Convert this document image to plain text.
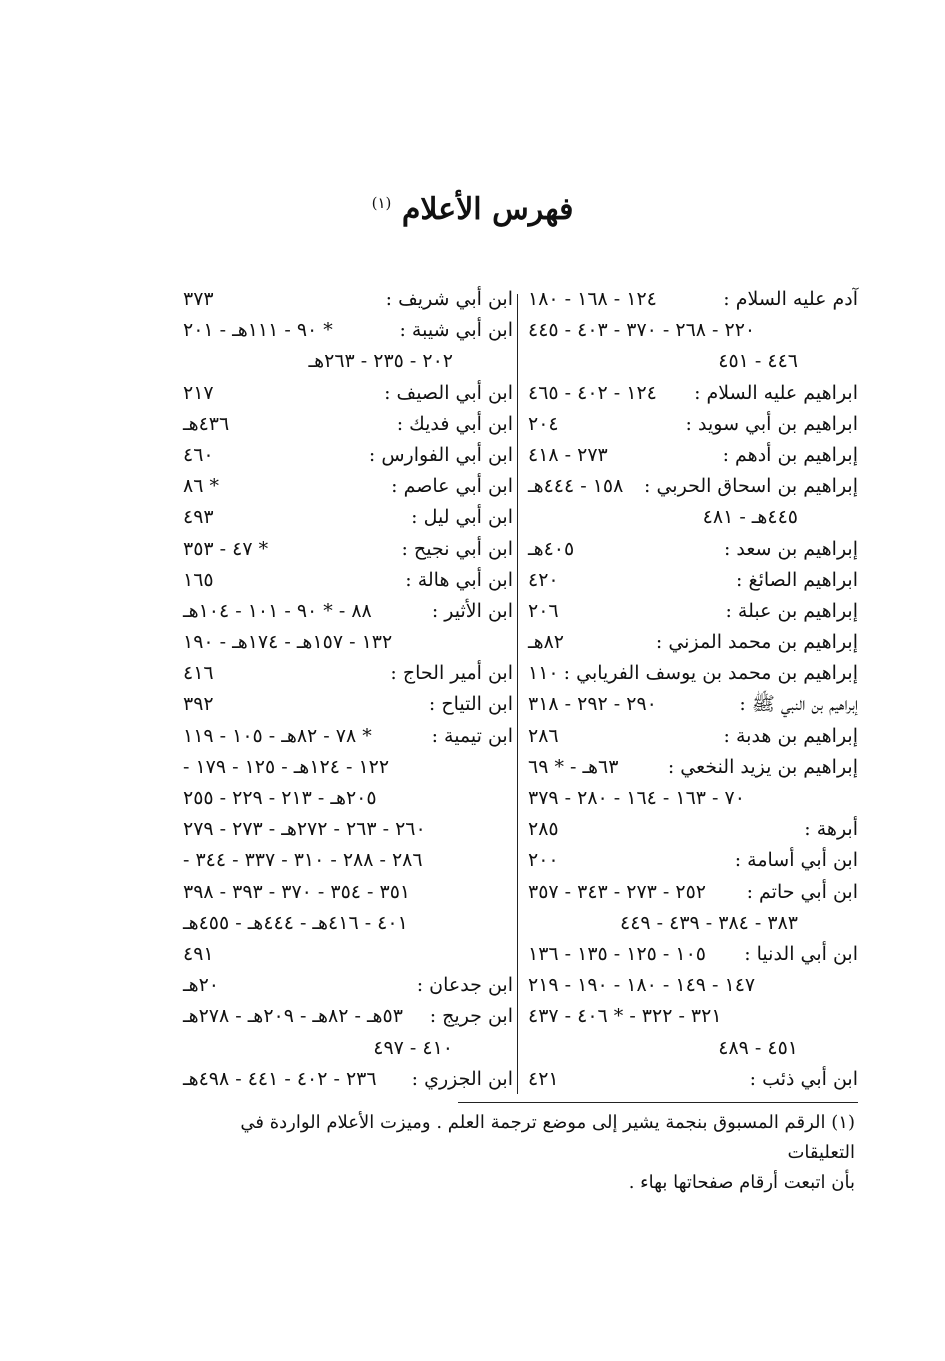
فهرس الأعلام $^{(١)}$
آدم عليه السلام :
١٢٤ - ١٦٨ - ١٨٠
٢٢٠ - ٢٦٨ - ٣٧٠ - ٤٠٣ - ٤٤٥
٤٤٦ - ٤٥١
ابراهيم عليه السلام :
١٢٤ - ٤٠٢ - ٤٦٥
ابراهيم بن أبي سويد :
٢٠٤
إبراهيم بن أدهم :
٢٧٣ - ٤١٨
إبراهيم بن اسحاق الحربي :
١٥٨ - ٤٤٤هـ
٤٤٥هـ - ٤٨١
إبراهيم بن سعد :
٤٠٥هـ
ابراهيم الصائغ :
٤٢٠
إبراهيم بن عبلة :
٢٠٦
إبراهيم بن محمد المزني :
٨٢هـ
إبراهيم بن محمد بن يوسف الفريابي :
١١٠
إبراهيم بن النبي ﷺ :
٢٩٠ - ٢٩٢ - ٣١٨
إبراهيم بن هدبة :
٢٨٦
إبراهيم بن يزيد النخعي :
٦٣هـ - * ٦٩
٧٠ - ١٦٣ - ١٦٤ - ٢٨٠ - ٣٧٩
أبرهة :
٢٨٥
ابن أبي أسامة :
٢٠٠
ابن أبي حاتم :
٢٥٢ - ٢٧٣ - ٣٤٣ - ٣٥٧
٣٨٣ - ٣٨٤ - ٤٣٩ - ٤٤٩
ابن أبي الدنيا :
١٠٥ - ١٢٥ - ١٣٥ - ١٣٦
١٤٧ - ١٤٩ - ١٨٠ - ١٩٠ - ٢١٩
٣٢١ - ٣٢٢ - * ٤٠٦ - ٤٣٧
٤٥١ - ٤٨٩
ابن أبي ذئب :
٤٢١
ابن أبي شريف :
٣٧٣
ابن أبي شيبة :
* ٩٠ - ١١١هـ - ٢٠١
٢٠٢ - ٢٣٥ - ٢٦٣هـ
ابن أبي الصيف :
٢١٧
ابن أبي فديك :
٤٣٦هـ
ابن أبي الفوارس :
٤٦٠
ابن أبي عاصم :
* ٨٦
ابن أبي ليل :
٤٩٣
ابن أبي نجيح :
* ٤٧ - ٣٥٣
ابن أبي هالة :
١٦٥
ابن الأثير :
٨٨ - * ٩٠ - ١٠١ - ١٠٤هـ
١٣٢ - ١٥٧هـ - ١٧٤هـ - ١٩٠
ابن أمير الحاج :
٤١٦
ابن التياح :
٣٩٢
ابن تيمية :
* ٧٨ - ٨٢هـ - ١٠٥ - ١١٩
١٢٢ - ١٢٤هـ - ١٢٥ - ١٧٩ -
٢٠٥هـ - ٢١٣ - ٢٢٩ - ٢٥٥
٢٦٠ - ٢٦٣ - ٢٧٢هـ - ٢٧٣ - ٢٧٩
٢٨٦ - ٢٨٨ - ٣١٠ - ٣٣٧ - ٣٤٤ -
٣٥١ - ٣٥٤ - ٣٧٠ - ٣٩٣ - ٣٩٨
٤٠١ - ٤١٦هـ - ٤٤٤هـ - ٤٥٥هـ
٤٩١
ابن جدعان :
٢٠هـ
ابن جريج :
٥٣هـ - ٨٢هـ - ٢٠٩هـ - ٢٧٨هـ
٤١٠ - ٤٩٧
ابن الجزري :
٢٣٦ - ٤٠٢ - ٤٤١ - ٤٩٨هـ
(١) الرقم المسبوق بنجمة يشير إلى موضع ترجمة العلم . وميزت الأعلام الواردة في التعليقات
بأن اتبعت أرقام صفحاتها بهاء .
